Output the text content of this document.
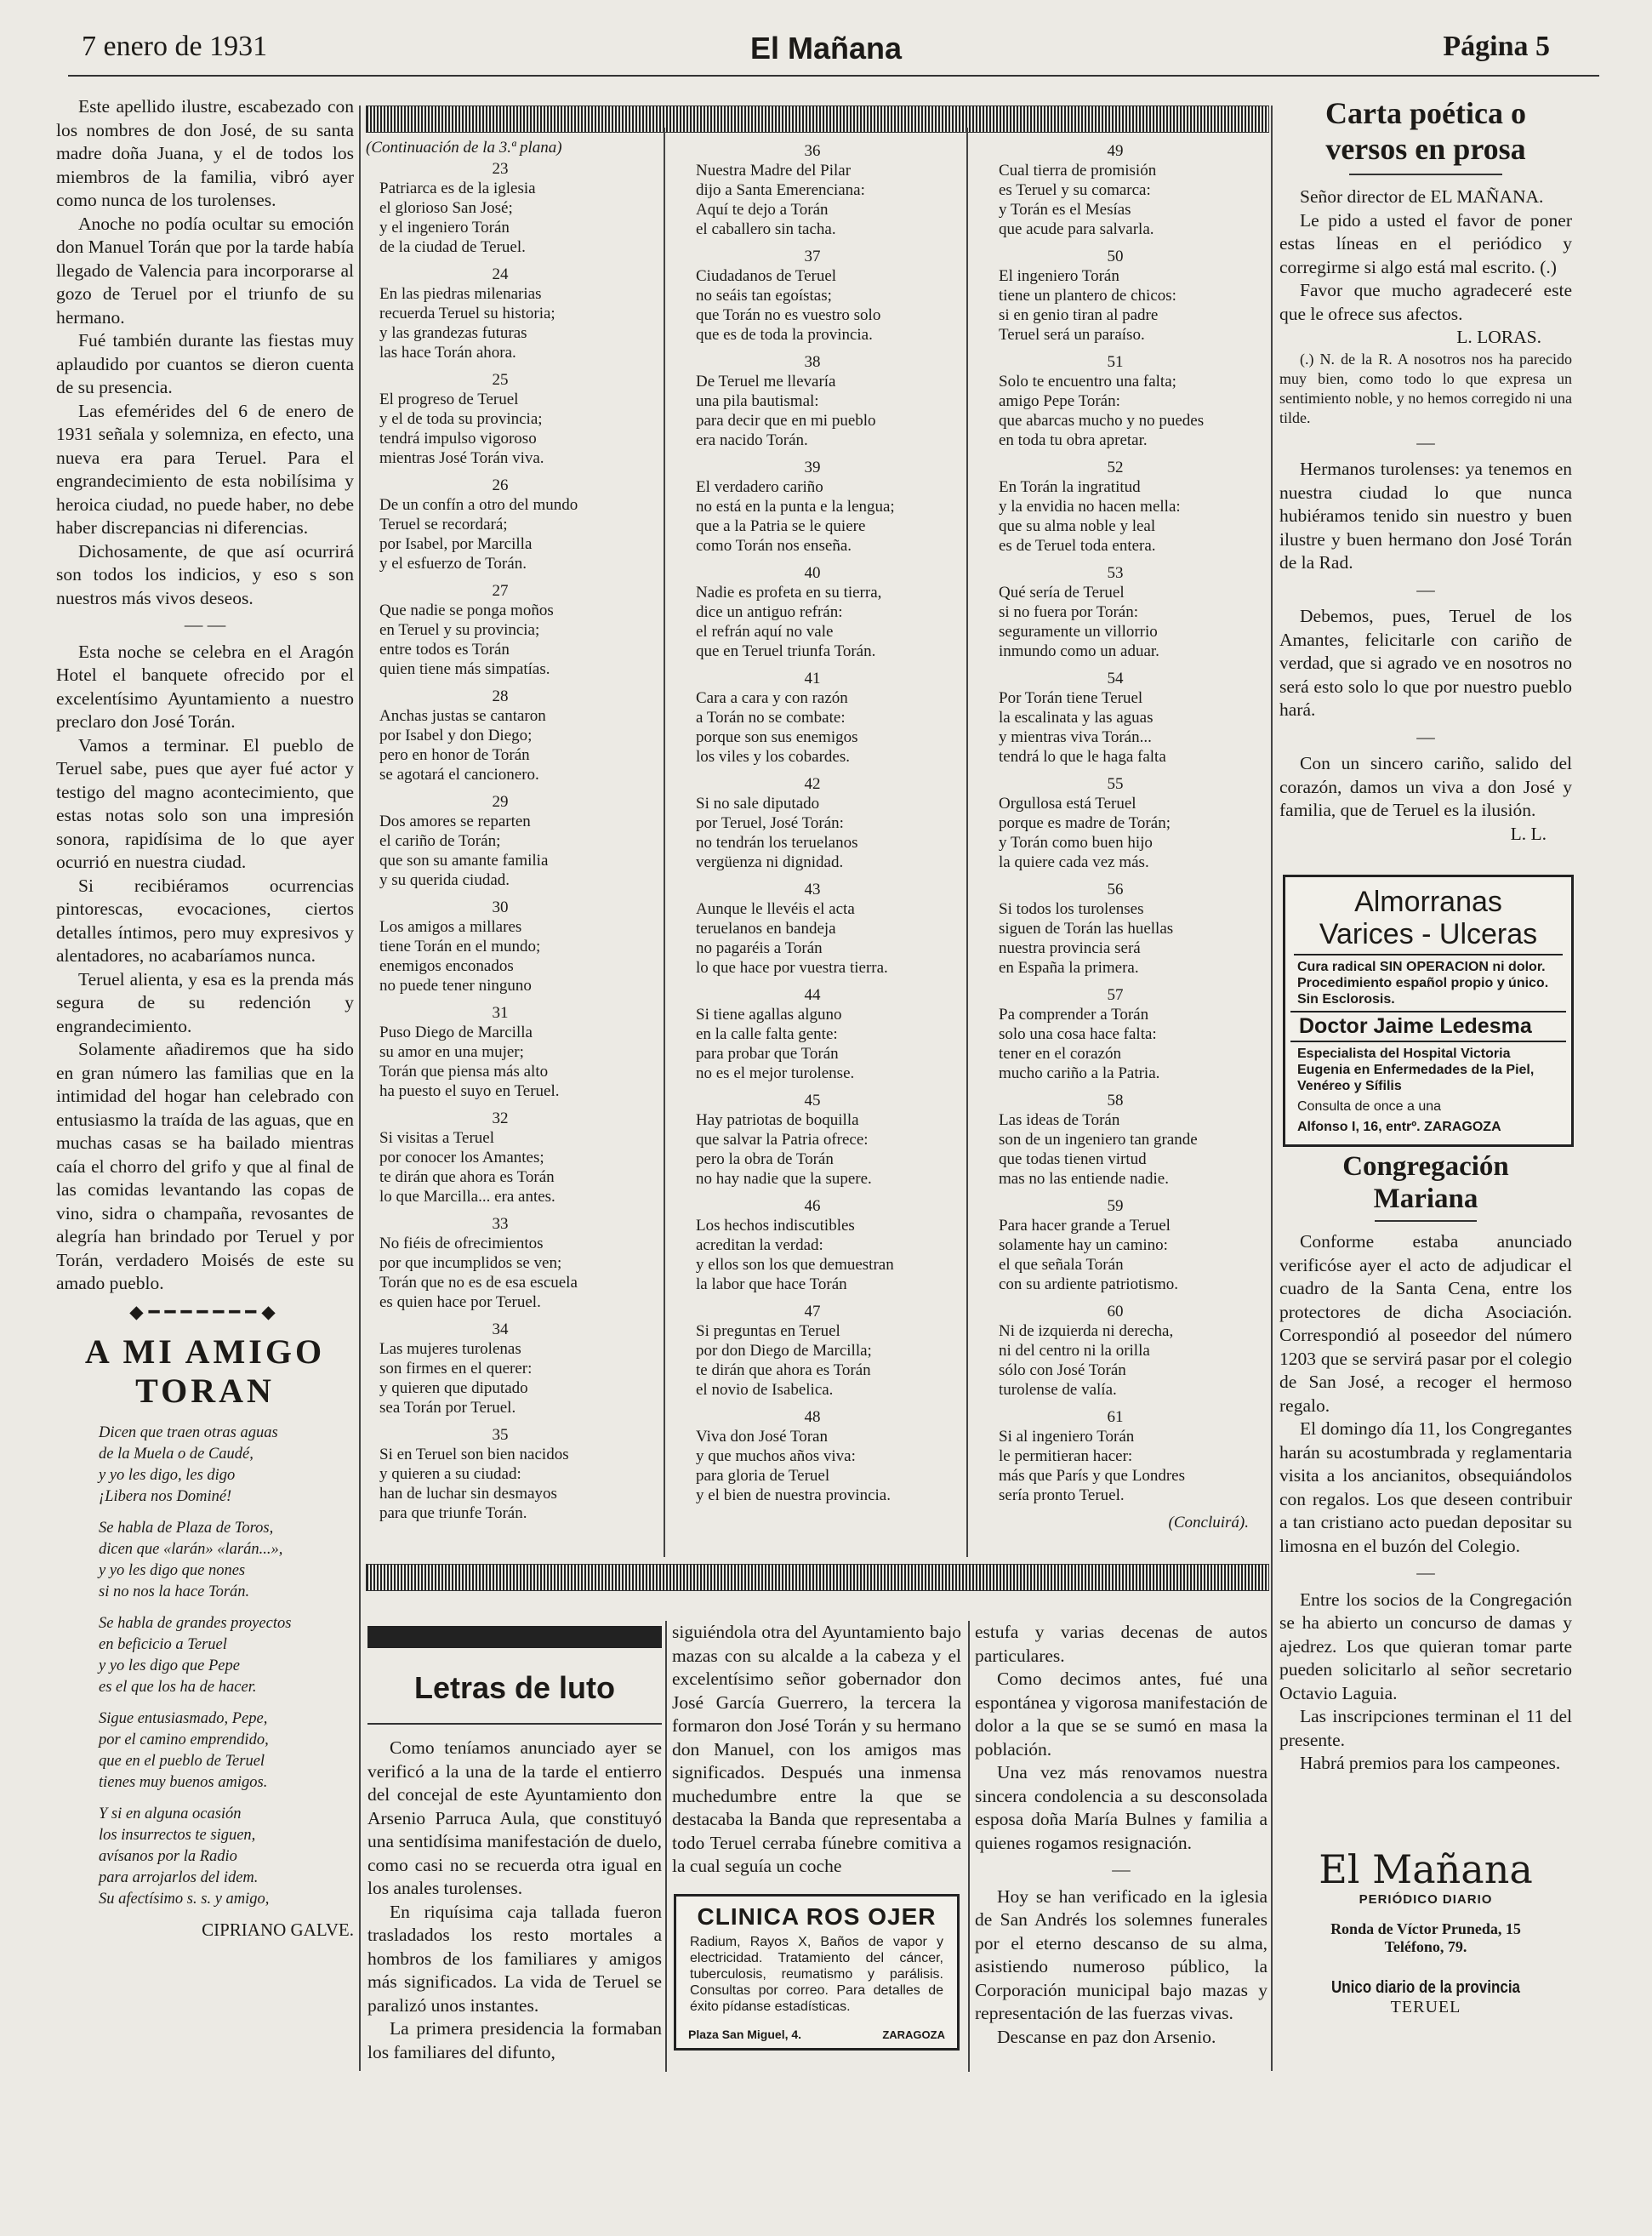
7 enero de 1931	El Mañana	Página 5

Este apellido ilustre, escabezado con los nombres de don José, de su santa madre doña Juana, y el de todos los miembros de la familia, vibró ayer como nunca de los turolenses.

Anoche no podía ocultar su emoción don Manuel Torán que por la tarde había llegado de Valencia para incorporarse al gozo de Teruel por el triunfo de su hermano.

Fué también durante las fiestas muy aplaudido por cuantos se dieron cuenta de su presencia.

Las efemérides del 6 de enero de 1931 señala y solemniza, en efecto, una nueva era para Teruel. Para el engrandecimiento de esta nobilísima y heroica ciudad, no puede haber, no debe haber discrepancias ni diferencias.

Dichosamente, de que así ocurrirá son todos los indicios, y eso s son nuestros más vivos deseos.

— —

Esta noche se celebra en el Aragón Hotel el banquete ofrecido por el excelentísimo Ayuntamiento a nuestro preclaro don José Torán.

Vamos a terminar. El pueblo de Teruel sabe, pues que ayer fué actor y testigo del magno acontecimiento, que estas notas solo son una impresión sonora, rapidísima de lo que ayer ocurrió en nuestra ciudad.

Si recibiéramos ocurrencias pintorescas, evocaciones, ciertos detalles íntimos, pero muy expresivos y alentadores, no acabaríamos nunca.

Teruel alienta, y esa es la prenda más segura de su redención y engrandecimiento.

Solamente añadiremos que ha sido en gran número las familias que en la intimidad del hogar han celebrado con entusiasmo la traída de las aguas, que en muchas casas se ha bailado mientras caía el chorro del grifo y que al final de las comidas levantando las copas de vino, sidra o champaña, revosantes de alegría han brindado por Teruel y por Torán, verdadero Moisés de este su amado pueblo.

◆━━━━━━━◆
A MI AMIGO
TORAN
Dicen que traen otras aguas
de la Muela o de Caudé,
y yo les digo, les digo
¡Libera nos Dominé!
Se habla de Plaza de Toros,
dicen que «larán» «larán...»,
y yo les digo que nones
si no nos la hace Torán.
Se habla de grandes proyectos
en beficicio a Teruel
y yo les digo que Pepe
es el que los ha de hacer.
Sigue entusiasmado, Pepe,
por el camino emprendido,
que en el pueblo de Teruel
tienes muy buenos amigos.
Y si en alguna ocasión
los insurrectos te siguen,
avísanos por la Radio
para arrojarlos del idem.
Su afectísimo s. s. y amigo,
CIPRIANO GALVE.
(Continuación de la 3.ª plana)
23
Patriarca es de la iglesia
el glorioso San José;
y el ingeniero Torán
de la ciudad de Teruel.
24
En las piedras milenarias
recuerda Teruel su historia;
y las grandezas futuras
las hace Torán ahora.
25
El progreso de Teruel
y el de toda su provincia;
tendrá impulso vigoroso
mientras José Torán viva.
26
De un confín a otro del mundo
Teruel se recordará;
por Isabel, por Marcilla
y el esfuerzo de Torán.
27
Que nadie se ponga moños
en Teruel y su provincia;
entre todos es Torán
quien tiene más simpatías.
28
Anchas justas se cantaron
por Isabel y don Diego;
pero en honor de Torán
se agotará el cancionero.
29
Dos amores se reparten
el cariño de Torán;
que son su amante familia
y su querida ciudad.
30
Los amigos a millares
tiene Torán en el mundo;
enemigos enconados
no puede tener ninguno
31
Puso Diego de Marcilla
su amor en una mujer;
Torán que piensa más alto
ha puesto el suyo en Teruel.
32
Si visitas a Teruel
por conocer los Amantes;
te dirán que ahora es Torán
lo que Marcilla... era antes.
33
No fiéis de ofrecimientos
por que incumplidos se ven;
Torán que no es de esa escuela
es quien hace por Teruel.
34
Las mujeres turolenas
son firmes en el querer:
y quieren que diputado
sea Torán por Teruel.
35
Si en Teruel son bien nacidos
y quieren a su ciudad:
han de luchar sin desmayos
para que triunfe Torán.
36
Nuestra Madre del Pilar
dijo a Santa Emerenciana:
Aquí te dejo a Torán
el caballero sin tacha.
37
Ciudadanos de Teruel
no seáis tan egoístas;
que Torán no es vuestro solo
que es de toda la provincia.
38
De Teruel me llevaría
una pila bautismal:
para decir que en mi pueblo
era nacido Torán.
39
El verdadero cariño
no está en la punta e la lengua;
que a la Patria se le quiere
como Torán nos enseña.
40
Nadie es profeta en su tierra,
dice un antiguo refrán:
el refrán aquí no vale
que en Teruel triunfa Torán.
41
Cara a cara y con razón
a Torán no se combate:
porque son sus enemigos
los viles y los cobardes.
42
Si no sale diputado
por Teruel, José Torán:
no tendrán los teruelanos
vergüenza ni dignidad.
43
Aunque le llevéis el acta
teruelanos en bandeja
no pagaréis a Torán
lo que hace por vuestra tierra.
44
Si tiene agallas alguno
en la calle falta gente:
para probar que Torán
no es el mejor turolense.
45
Hay patriotas de boquilla
que salvar la Patria ofrece:
pero la obra de Torán
no hay nadie que la supere.
46
Los hechos indiscutibles
acreditan la verdad:
y ellos son los que demuestran
la labor que hace Torán
47
Si preguntas en Teruel
por don Diego de Marcilla;
te dirán que ahora es Torán
el novio de Isabelica.
48
Viva don José Toran
y que muchos años viva:
para gloria de Teruel
y el bien de nuestra provincia.
49
Cual tierra de promisión
es Teruel y su comarca:
y Torán es el Mesías
que acude para salvarla.
50
El ingeniero Torán
tiene un plantero de chicos:
si en genio tiran al padre
Teruel será un paraíso.
51
Solo te encuentro una falta;
amigo Pepe Torán:
que abarcas mucho y no puedes
en toda tu obra apretar.
52
En Torán la ingratitud
y la envidia no hacen mella:
que su alma noble y leal
es de Teruel toda entera.
53
Qué sería de Teruel
si no fuera por Torán:
seguramente un villorrio
inmundo como un aduar.
54
Por Torán tiene Teruel
la escalinata y las aguas
y mientras viva Torán...
tendrá lo que le haga falta
55
Orgullosa está Teruel
porque es madre de Torán;
y Torán como buen hijo
la quiere cada vez más.
56
Si todos los turolenses
siguen de Torán las huellas
nuestra provincia será
en España la primera.
57
Pa comprender a Torán
solo una cosa hace falta:
tener en el corazón
mucho cariño a la Patria.
58
Las ideas de Torán
son de un ingeniero tan grande
que todas tienen virtud
mas no las entiende nadie.
59
Para hacer grande a Teruel
solamente hay un camino:
el que señala Torán
con su ardiente patriotismo.
60
Ni de izquierda ni derecha,
ni del centro ni la orilla
sólo con José Torán
turolense de valía.
61
Si al ingeniero Torán
le permitieran hacer:
más que París y que Londres
sería pronto Teruel.
(Concluirá).
Letras de luto

Como teníamos anunciado ayer se verificó a la una de la tarde el entierro del concejal de este Ayuntamiento don Arsenio Parruca Aula, que constituyó una sentidísima manifestación de duelo, como casi no se recuerda otra igual en los anales turolenses.

En riquísima caja tallada fueron trasladados los resto mortales a hombros de los familiares y amigos más significados. La vida de Teruel se paralizó unos instantes.

La primera presidencia la formaban los familiares del difunto,

siguiéndola otra del Ayuntamiento bajo mazas con su alcalde a la cabeza y el excelentísimo señor gobernador don José García Guerrero, la tercera la formaron don José Torán y su hermano don Manuel, con los amigos mas significados. Después una inmensa muchedumbre entre la que se destacaba la Banda que representaba a todo Teruel cerraba fúnebre comitiva a la cual seguía un coche

estufa y varias decenas de autos particulares.

Como decimos antes, fué una espontánea y vigorosa manifestación de dolor a la que se se sumó en masa la población.

Una vez más renovamos nuestra sincera condolencia a su desconsolada esposa doña María Bulnes y familia a quienes rogamos resignación.

—

Hoy se han verificado en la iglesia de San Andrés los solemnes funerales por el eterno descanso de su alma, asistiendo numeroso público, la Corporación municipal bajo mazas y representación de las fuerzas vivas.

Descanse en paz don Arsenio.

CLINICA ROS OJER
Radium, Rayos X, Baños de vapor y electricidad. Tratamiento del cáncer, tuberculosis, reumatismo y parálisis. Consultas por correo. Para detalles de éxito pídanse estadísticas.
Plaza San Miguel, 4.	ZARAGOZA
Carta poética o
versos en prosa

Señor director de EL MAÑANA.

Le pido a usted el favor de poner estas líneas en el periódico y corregirme si algo está mal escrito. (.)

Favor que mucho agradeceré este que le ofrece sus afectos.

L. LORAS.

(.) N. de la R. A nosotros nos ha parecido muy bien, como todo lo que expresa un sentimiento noble, y no hemos corregido ni una tilde.

—

Hermanos turolenses: ya tenemos en nuestra ciudad lo que nunca hubiéramos tenido sin nuestro y buen ilustre y buen hermano don José Torán de la Rad.

—

Debemos, pues, Teruel de los Amantes, felicitarle con cariño de verdad, que si agrado ve en nosotros no será esto solo lo que por nuestro pueblo hará.

—

Con un sincero cariño, salido del corazón, damos un viva a don José y familia, que de Teruel es la ilusión.

L. L.
Almorranas
Varices - Ulceras
Cura radical SIN OPERACION ni dolor. Procedimiento español propio y único. Sin Esclorosis.
Doctor Jaime Ledesma
Especialista del Hospital Victoria Eugenia en Enfermedades de la Piel, Venéreo y Sífilis
Consulta de once a una
Alfonso I, 16, entrº. ZARAGOZA
Congregación
Mariana

Conforme estaba anunciado verificóse ayer el acto de adjudicar el cuadro de la Santa Cena, entre los protectores de dicha Asociación. Correspondió al poseedor del número 1203 que se servirá pasar por el colegio de San José, a recoger el hermoso regalo.

El domingo día 11, los Congregantes harán su acostumbrada y reglamentaria visita a los ancianitos, obsequiándolos con regalos. Los que deseen contribuir a tan cristiano acto puedan depositar su limosna en el buzón del Colegio.

—

Entre los socios de la Congregación se ha abierto un concurso de damas y ajedrez. Los que quieran tomar parte pueden solicitarlo al señor secretario Octavio Laguia.

Las inscripciones terminan el 11 del presente.

Habrá premios para los campeones.

El Mañana
PERIÓDICO DIARIO
Ronda de Víctor Pruneda, 15
Teléfono, 79.
Unico diario de la provincia
TERUEL
